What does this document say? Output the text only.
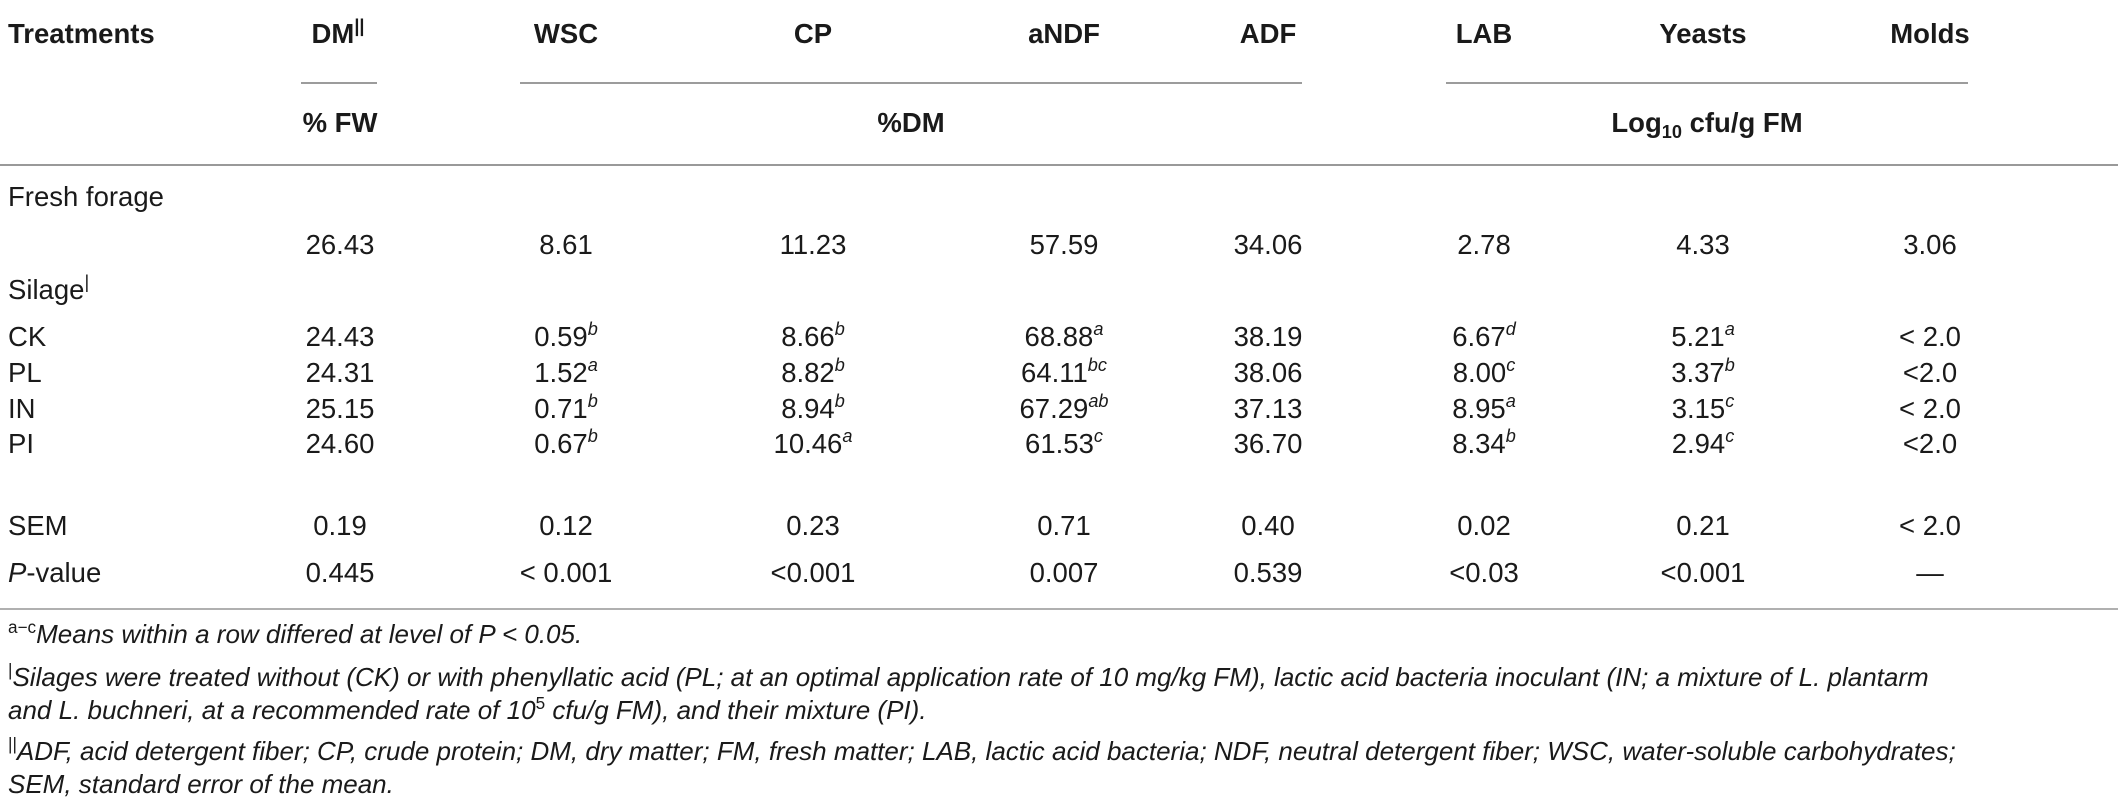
Treatments	DM||	WSC	CP	aNDF	ADF	LAB	Yeasts	Molds
% FW	%DM	Log$_{10}$ cfu/g FM
Fresh forage
26.43	8.61	11.23	57.59	34.06	2.78	4.33	3.06
Silage|
CK	24.43	0.59$^b$	8.66$^b$	68.88$^a$	38.19	6.67$^d$	5.21$^a$	< 2.0
PL	24.31	1.52$^a$	8.82$^b$	64.11$^{bc}$	38.06	8.00$^c$	3.37$^b$	<2.0
IN	25.15	0.71$^b$	8.94$^b$	67.29$^{ab}$	37.13	8.95$^a$	3.15$^c$	< 2.0
PI	24.60	0.67$^b$	10.46$^a$	61.53$^c$	36.70	8.34$^b$	2.94$^c$	<2.0
SEM	0.19	0.12	0.23	0.71	0.40	0.02	0.21	< 2.0
P-value	0.445	< 0.001	<0.001	0.007	0.539	<0.03	<0.001	—
$^{a-c}$Means within a row differed at level of P < 0.05.
|Silages were treated without (CK) or with phenyllatic acid (PL; at an optimal application rate of 10 mg/kg FM), lactic acid bacteria inoculant (IN; a mixture of L. plantarm
and L. buchneri, at a recommended rate of $10^5$ cfu/g FM), and their mixture (PI).
||ADF, acid detergent fiber; CP, crude protein; DM, dry matter; FM, fresh matter; LAB, lactic acid bacteria; NDF, neutral detergent fiber; WSC, water-soluble carbohydrates;
SEM, standard error of the mean.
